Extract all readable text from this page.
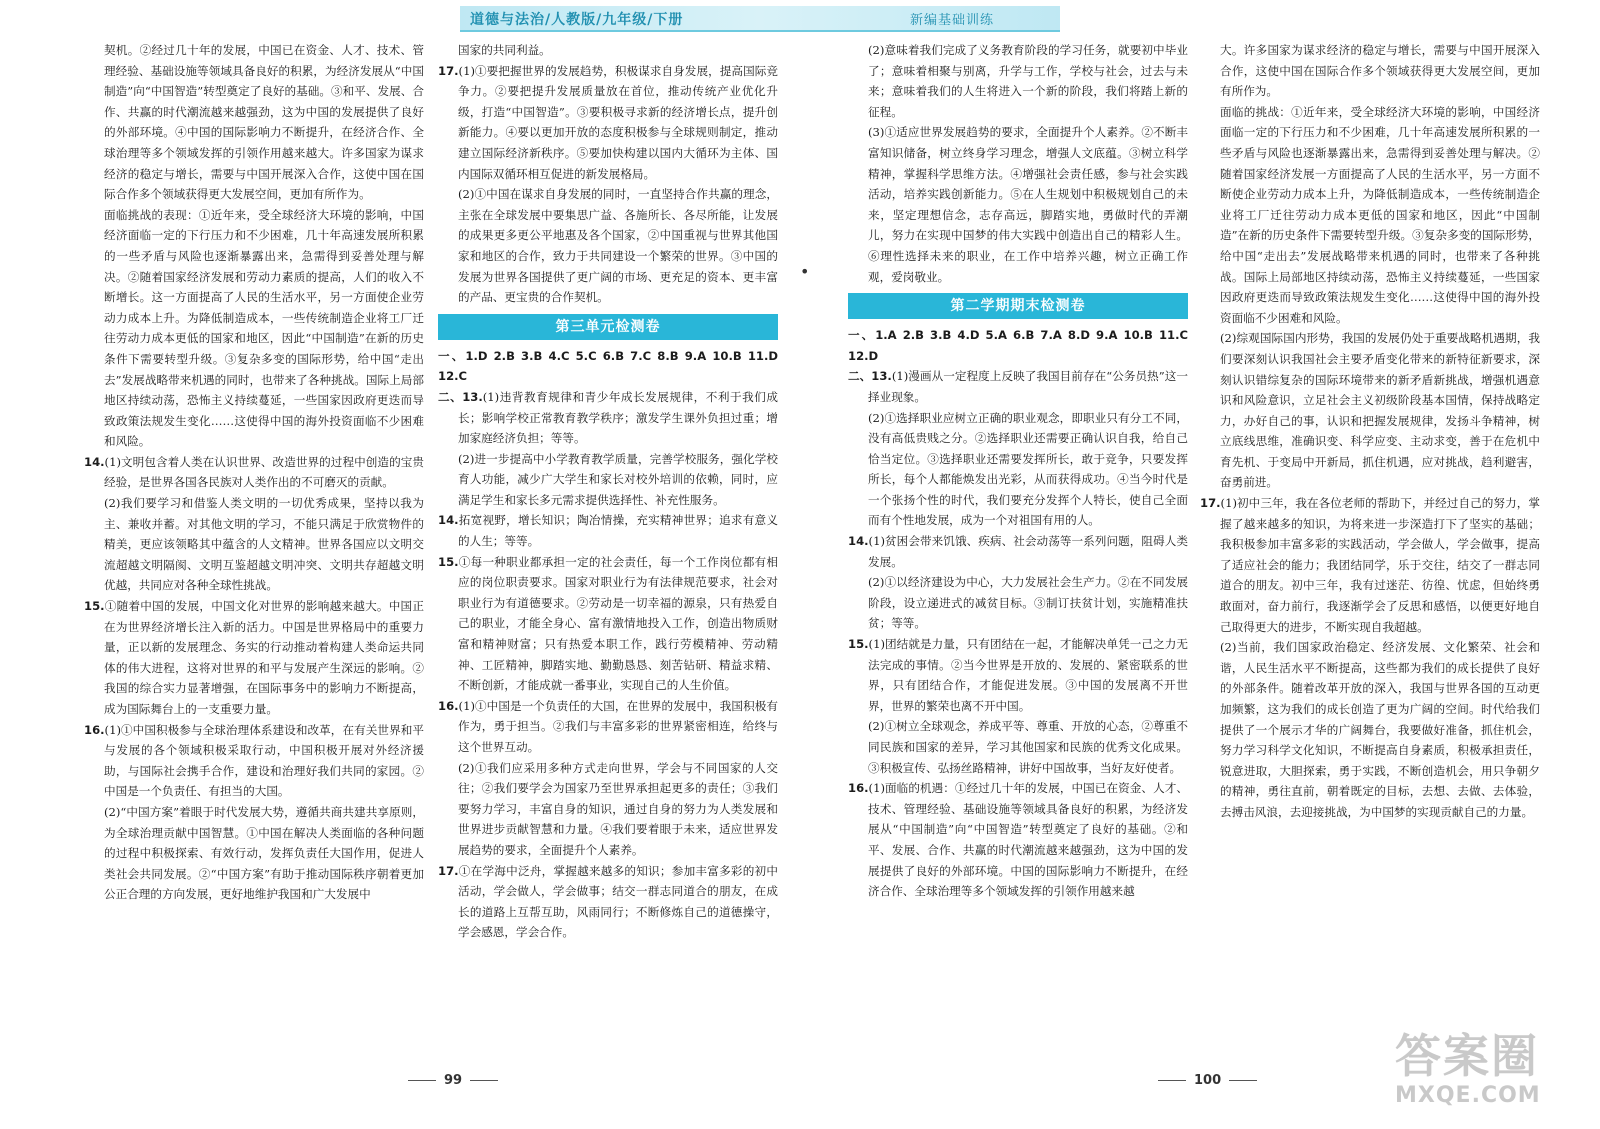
道德与法治/人教版/九年级/下册	新编基础训练
•

契机。②经过几十年的发展，中国已在资金、人才、技术、管理经验、基础设施等领域具备良好的积累，为经济发展从“中国制造”向“中国智造”转型奠定了良好的基础。③和平、发展、合作、共赢的时代潮流越来越强劲，这为中国的发展提供了良好的外部环境。④中国的国际影响力不断提升，在经济合作、全球治理等多个领域发挥的引领作用越来越大。许多国家为谋求经济的稳定与增长，需要与中国开展深入合作，这使中国在国际合作多个领域获得更大发展空间，更加有所作为。

面临挑战的表现：①近年来，受全球经济大环境的影响，中国经济面临一定的下行压力和不少困难，几十年高速发展所积累的一些矛盾与风险也逐渐暴露出来，急需得到妥善处理与解决。②随着国家经济发展和劳动力素质的提高，人们的收入不断增长。这一方面提高了人民的生活水平，另一方面使企业劳动力成本上升。为降低制造成本，一些传统制造企业将工厂迁往劳动力成本更低的国家和地区，因此“中国制造”在新的历史条件下需要转型升级。③复杂多变的国际形势，给中国“走出去”发展战略带来机遇的同时，也带来了各种挑战。国际上局部地区持续动荡，恐怖主义持续蔓延，一些国家因政府更迭而导致政策法规发生变化……这使得中国的海外投资面临不少困难和风险。

14.(1)文明包含着人类在认识世界、改造世界的过程中创造的宝贵经验，是世界各国各民族对人类作出的不可磨灭的贡献。

(2)我们要学习和借鉴人类文明的一切优秀成果，坚持以我为主、兼收并蓄。对其他文明的学习，不能只满足于欣赏物件的精美，更应该领略其中蕴含的人文精神。世界各国应以文明交流超越文明隔阂、文明互鉴超越文明冲突、文明共存超越文明优越，共同应对各种全球性挑战。

15.①随着中国的发展，中国文化对世界的影响越来越大。中国正在为世界经济增长注入新的活力。中国是世界格局中的重要力量，正以新的发展理念、务实的行动推动着构建人类命运共同体的伟大进程，这将对世界的和平与发展产生深远的影响。②我国的综合实力显著增强，在国际事务中的影响力不断提高，成为国际舞台上的一支重要力量。

16.(1)①中国积极参与全球治理体系建设和改革，在有关世界和平与发展的各个领域积极采取行动，中国积极开展对外经济援助，与国际社会携手合作，建设和治理好我们共同的家园。②中国是一个负责任、有担当的大国。

(2)“中国方案”着眼于时代发展大势，遵循共商共建共享原则，为全球治理贡献中国智慧。①中国在解决人类面临的各种问题的过程中积极探索、有效行动，发挥负责任大国作用，促进人类社会共同发展。②“中国方案”有助于推动国际秩序朝着更加公正合理的方向发展，更好地维护我国和广大发展中

国家的共同利益。

17.(1)①要把握世界的发展趋势，积极谋求自身发展，提高国际竞争力。②要把提升发展质量放在首位，推动传统产业优化升级，打造“中国智造”。③要积极寻求新的经济增长点，提升创新能力。④要以更加开放的态度积极参与全球规则制定，推动建立国际经济新秩序。⑤要加快构建以国内大循环为主体、国内国际双循环相互促进的新发展格局。

(2)①中国在谋求自身发展的同时，一直坚持合作共赢的理念，主张在全球发展中要集思广益、各施所长、各尽所能，让发展的成果更多更公平地惠及各个国家，②中国重视与世界其他国家和地区的合作，致力于共同建设一个繁荣的世界。③中国的发展为世界各国提供了更广阔的市场、更充足的资本、更丰富的产品、更宝贵的合作契机。

第三单元检测卷

一、1.D 2.B 3.B 4.C 5.C 6.B 7.C 8.B 9.A 10.B 11.D 12.C

二、13.(1)违背教育规律和青少年成长发展规律，不利于我们成长；影响学校正常教育教学秩序；激发学生课外负担过重；增加家庭经济负担；等等。

(2)进一步提高中小学教育教学质量，完善学校服务，强化学校育人功能，减少广大学生和家长对校外培训的依赖，同时，应满足学生和家长多元需求提供选择性、补充性服务。

14.拓宽视野，增长知识；陶冶情操，充实精神世界；追求有意义的人生；等等。

15.①每一种职业都承担一定的社会责任，每一个工作岗位都有相应的岗位职责要求。国家对职业行为有法律规范要求，社会对职业行为有道德要求。②劳动是一切幸福的源泉，只有热爱自己的职业，才能全身心、富有激情地投入工作，创造出物质财富和精神财富；只有热爱本职工作，践行劳模精神、劳动精神、工匠精神，脚踏实地、勤勤恳恳、刻苦钻研、精益求精、不断创新，才能成就一番事业，实现自己的人生价值。

16.(1)①中国是一个负责任的大国，在世界的发展中，我国积极有作为，勇于担当。②我们与丰富多彩的世界紧密相连，给终与这个世界互动。

(2)①我们应采用多种方式走向世界，学会与不同国家的人交往；②我们要学会为国家乃至世界承担起更多的责任；③我们要努力学习，丰富自身的知识，通过自身的努力为人类发展和世界进步贡献智慧和力量。④我们要着眼于未来，适应世界发展趋势的要求，全面提升个人素养。

17.①在学海中泛舟，掌握越来越多的知识；参加丰富多彩的初中活动，学会做人，学会做事；结交一群志同道合的朋友，在成长的道路上互帮互助，风雨同行；不断修炼自己的道德操守，学会感恩，学会合作。

(2)意味着我们完成了义务教育阶段的学习任务，就要初中毕业了；意味着相聚与别离，升学与工作，学校与社会，过去与未来；意味着我们的人生将进入一个新的阶段，我们将踏上新的征程。

(3)①适应世界发展趋势的要求，全面提升个人素养。②不断丰富知识储备，树立终身学习理念，增强人文底蕴。③树立科学精神，掌握科学思维方法。④增强社会责任感，参与社会实践活动，培养实践创新能力。⑤在人生规划中积极规划自己的未来，坚定理想信念，志存高远，脚踏实地，勇做时代的弄潮儿，努力在实现中国梦的伟大实践中创造出自己的精彩人生。⑥理性选择未来的职业，在工作中培养兴趣，树立正确工作观，爱岗敬业。

第二学期期末检测卷

一、1.A 2.B 3.B 4.D 5.A 6.B 7.A 8.D 9.A 10.B 11.C 12.D

二、13.(1)漫画从一定程度上反映了我国目前存在“公务员热”这一择业现象。

(2)①选择职业应树立正确的职业观念，即职业只有分工不同，没有高低贵贱之分。②选择职业还需要正确认识自我，给自己恰当定位。③选择职业还需要发挥所长，敢于竞争，只要发挥所长，每个人都能焕发出光彩，从而获得成功。④当今时代是一个张扬个性的时代，我们要充分发挥个人特长，使自己全面而有个性地发展，成为一个对祖国有用的人。

14.(1)贫困会带来饥饿、疾病、社会动荡等一系列问题，阻碍人类发展。

(2)①以经济建设为中心，大力发展社会生产力。②在不同发展阶段，设立递进式的减贫目标。③制订扶贫计划，实施精准扶贫；等等。

15.(1)团结就是力量，只有团结在一起，才能解决单凭一己之力无法完成的事情。②当今世界是开放的、发展的、紧密联系的世界，只有团结合作，才能促进发展。③中国的发展离不开世界，世界的繁荣也离不开中国。

(2)①树立全球观念，养成平等、尊重、开放的心态，②尊重不同民族和国家的差异，学习其他国家和民族的优秀文化成果。③积极宣传、弘扬丝路精神，讲好中国故事，当好友好使者。

16.(1)面临的机遇：①经过几十年的发展，中国已在资金、人才、技术、管理经验、基础设施等领域具备良好的积累，为经济发展从“中国制造”向“中国智造”转型奠定了良好的基础。②和平、发展、合作、共赢的时代潮流越来越强劲，这为中国的发展提供了良好的外部环境。中国的国际影响力不断提升，在经济合作、全球治理等多个领域发挥的引领作用越来越

大。许多国家为谋求经济的稳定与增长，需要与中国开展深入合作，这使中国在国际合作多个领域获得更大发展空间，更加有所作为。

面临的挑战：①近年来，受全球经济大环境的影响，中国经济面临一定的下行压力和不少困难，几十年高速发展所积累的一些矛盾与风险也逐渐暴露出来，急需得到妥善处理与解决。②随着国家经济发展一方面提高了人民的生活水平，另一方面不断使企业劳动力成本上升，为降低制造成本，一些传统制造企业将工厂迁往劳动力成本更低的国家和地区，因此“中国制造”在新的历史条件下需要转型升级。③复杂多变的国际形势，给中国“走出去”发展战略带来机遇的同时，也带来了各种挑战。国际上局部地区持续动荡，恐怖主义持续蔓延，一些国家因政府更迭而导致政策法规发生变化……这使得中国的海外投资面临不少困难和风险。

(2)综观国际国内形势，我国的发展仍处于重要战略机遇期，我们要深刻认识我国社会主要矛盾变化带来的新特征新要求，深刻认识错综复杂的国际环境带来的新矛盾新挑战，增强机遇意识和风险意识，立足社会主义初级阶段基本国情，保持战略定力，办好自己的事，认识和把握发展规律，发扬斗争精神，树立底线思维，准确识变、科学应变、主动求变，善于在危机中育先机、于变局中开新局，抓住机遇，应对挑战，趋利避害，奋勇前进。

17.(1)初中三年，我在各位老师的帮助下，并经过自己的努力，掌握了越来越多的知识，为将来进一步深造打下了坚实的基础；我积极参加丰富多彩的实践活动，学会做人，学会做事，提高了适应社会的能力；我团结同学，乐于交往，结交了一群志同道合的朋友。初中三年，我有过迷茫、彷徨、忧虑，但始终勇敢面对，奋力前行，我逐渐学会了反思和感悟，以便更好地自己取得更大的进步，不断实现自我超越。

(2)当前，我们国家政治稳定、经济发展、文化繁荣、社会和谐，人民生活水平不断提高，这些都为我们的成长提供了良好的外部条件。随着改革开放的深入，我国与世界各国的互动更加频繁，这为我们的成长创造了更为广阔的空间。时代给我们提供了一个展示才华的广阔舞台，我要做好准备，抓住机会，努力学习科学文化知识，不断提高自身素质，积极承担责任，锐意进取，大胆探索，勇于实践，不断创造机会，用只争朝夕的精神，勇往直前，朝着既定的目标，去想、去做、去体验，去搏击风浪，去迎接挑战，为中国梦的实现贡献自己的力量。

99	100	答案圈
MXQE.COM
